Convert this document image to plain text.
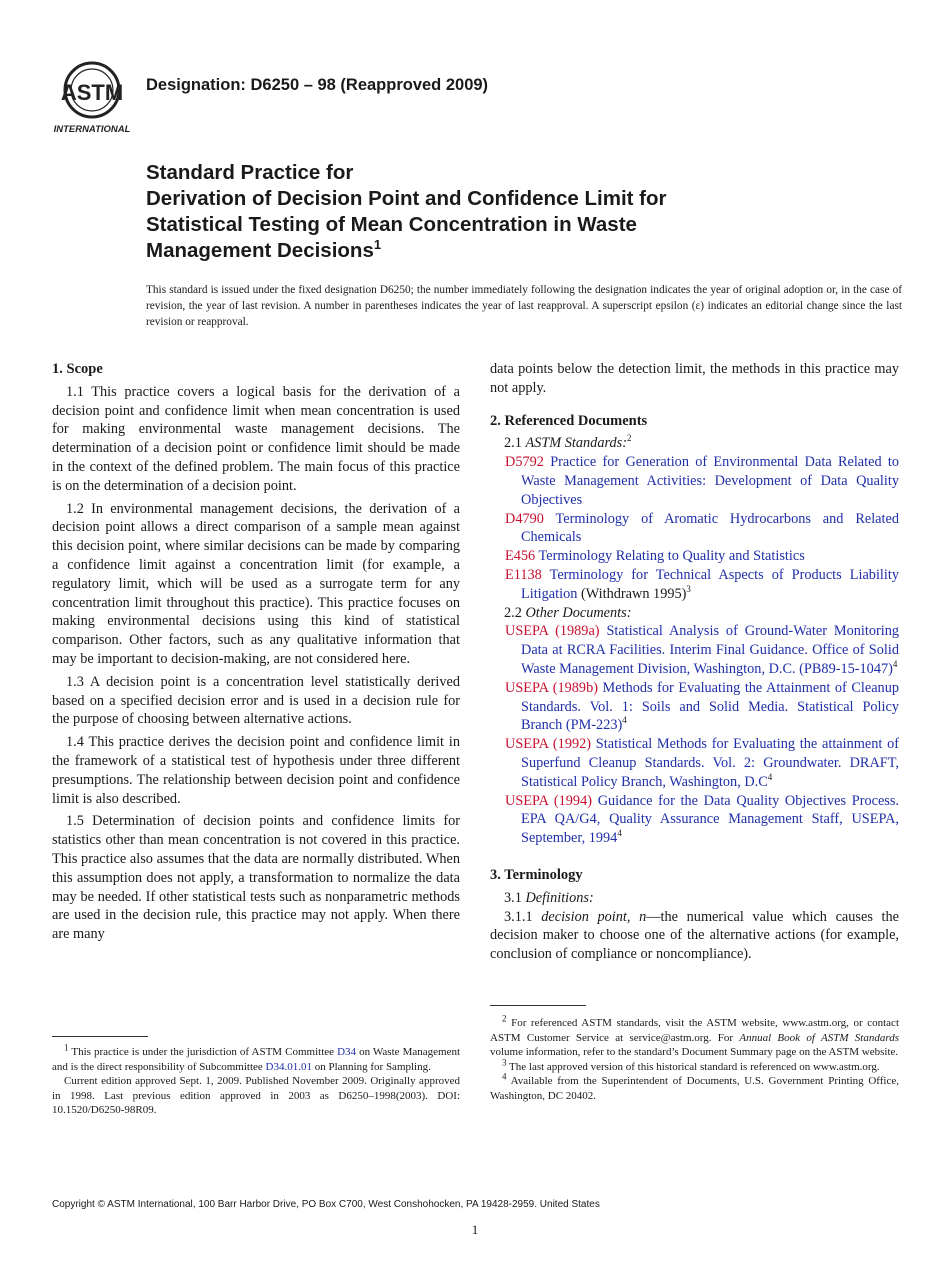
ASTM
INTERNATIONAL
Designation: D6250 – 98 (Reapproved 2009)
Standard Practice for
Derivation of Decision Point and Confidence Limit for
Statistical Testing of Mean Concentration in Waste
Management Decisions$^1$
This standard is issued under the fixed designation D6250; the number immediately following the designation indicates the year of original adoption or, in the case of revision, the year of last revision. A number in parentheses indicates the year of last reapproval. A superscript epsilon (ε) indicates an editorial change since the last revision or reapproval.
1. Scope

1.1 This practice covers a logical basis for the derivation of a decision point and confidence limit when mean concentration is used for making environmental waste management decisions. The determination of a decision point or confidence limit should be made in the context of the defined problem. The main focus of this practice is on the determination of a decision point.

1.2 In environmental management decisions, the derivation of a decision point allows a direct comparison of a sample mean against this decision point, where similar decisions can be made by comparing a confidence limit against a concentration limit (for example, a regulatory limit, which will be used as a surrogate term for any concentration limit throughout this practice). This practice focuses on making environmental decisions using this kind of statistical comparison. Other factors, such as any qualitative information that may be important to decision-making, are not considered here.

1.3 A decision point is a concentration level statistically derived based on a specified decision error and is used in a decision rule for the purpose of choosing between alternative actions.

1.4 This practice derives the decision point and confidence limit in the framework of a statistical test of hypothesis under three different presumptions. The relationship between decision point and confidence limit is also described.

1.5 Determination of decision points and confidence limits for statistics other than mean concentration is not covered in this practice. This practice also assumes that the data are normally distributed. When this assumption does not apply, a transformation to normalize the data may be needed. If other statistical tests such as nonparametric methods are used in the decision rule, this practice may not apply. When there are many

$^1$ This practice is under the jurisdiction of ASTM Committee D34 on Waste Management and is the direct responsibility of Subcommittee D34.01.01 on Planning for Sampling.

Current edition approved Sept. 1, 2009. Published November 2009. Originally approved in 1998. Last previous edition approved in 2003 as D6250–1998(2003). DOI: 10.1520/D6250-98R09.

data points below the detection limit, the methods in this practice may not apply.

2. Referenced Documents
2.1 ASTM Standards:$^2$
D5792 Practice for Generation of Environmental Data Related to Waste Management Activities: Development of Data Quality Objectives
D4790 Terminology of Aromatic Hydrocarbons and Related Chemicals
E456 Terminology Relating to Quality and Statistics
E1138 Terminology for Technical Aspects of Products Liability Litigation (Withdrawn 1995)$^3$
2.2 Other Documents:
USEPA (1989a) Statistical Analysis of Ground-Water Monitoring Data at RCRA Facilities. Interim Final Guidance. Office of Solid Waste Management Division, Washington, D.C. $(PB89-15-1047)^4$
USEPA (1989b) Methods for Evaluating the Attainment of Cleanup Standards. Vol. 1: Soils and Solid Media. Statistical Policy Branch $(PM-223)^4$
USEPA (1992) Statistical Methods for Evaluating the attainment of Superfund Cleanup Standards. Vol. 2: Groundwater. DRAFT, Statistical Policy Branch, Washington, $D.C^4$
USEPA (1994) Guidance for the Data Quality Objectives Process. EPA QA/G4, Quality Assurance Management Staff, USEPA, September, 1994$^4$
3. Terminology
3.1 Definitions:

3.1.1 decision point, n—the numerical value which causes the decision maker to choose one of the alternative actions (for example, conclusion of compliance or noncompliance).

$^2$ For referenced ASTM standards, visit the ASTM website, www.astm.org, or contact ASTM Customer Service at service@astm.org. For Annual Book of ASTM Standards volume information, refer to the standard’s Document Summary page on the ASTM website.

$^3$ The last approved version of this historical standard is referenced on www.astm.org.

$^4$ Available from the Superintendent of Documents, U.S. Government Printing Office, Washington, DC 20402.

Copyright © ASTM International, 100 Barr Harbor Drive, PO Box C700, West Conshohocken, PA 19428-2959. United States
1
